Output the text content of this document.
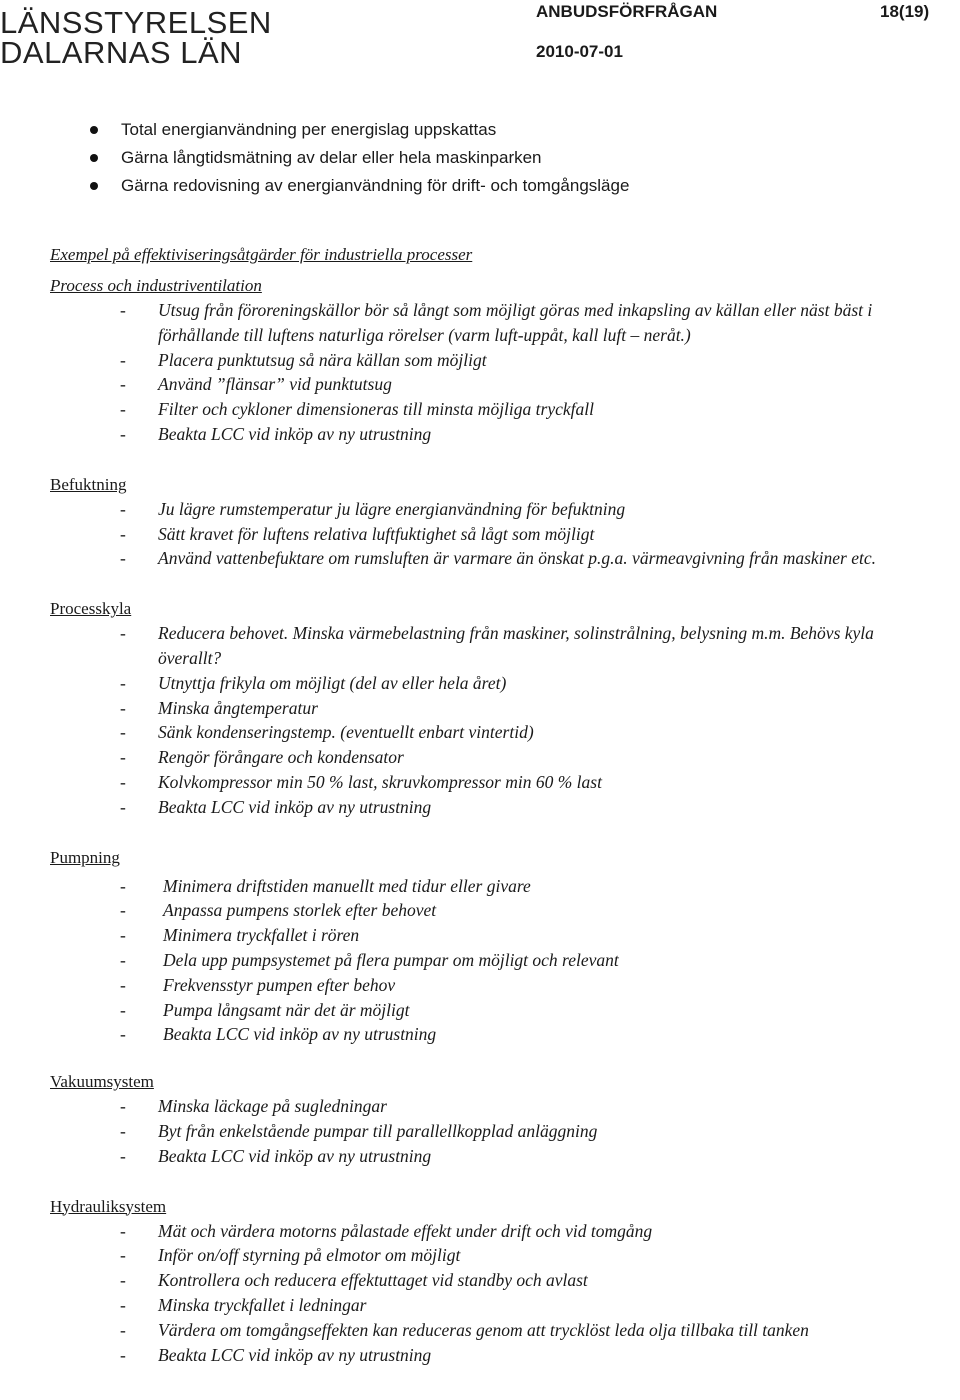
LÄNSSTYRELSEN
DALARNAS LÄN
ANBUDSFÖRFRÅGAN	18(19)
2010-07-01
Total energianvändning per energislag uppskattas
Gärna långtidsmätning av delar eller hela maskinparken
Gärna redovisning av energianvändning för drift- och tomgångsläge
Exempel på effektiviseringsåtgärder för industriella processer
Process och industriventilation
- Utsug från föroreningskällor bör så långt som möjligt göras med inkapsling av källan eller näst bäst i förhållande till luftens naturliga rörelser (varm luft-uppåt, kall luft – neråt.)
- Placera punktutsug så nära källan som möjligt
- Använd ”flänsar” vid punktutsug
- Filter och cykloner dimensioneras till minsta möjliga tryckfall
- Beakta LCC vid inköp av ny utrustning
Befuktning
- Ju lägre rumstemperatur ju lägre energianvändning för befuktning
- Sätt kravet för luftens relativa luftfuktighet så lågt som möjligt
- Använd vattenbefuktare om rumsluften är varmare än önskat p.g.a. värmeavgivning från maskiner etc.
Processkyla
- Reducera behovet. Minska värmebelastning från maskiner, solinstrålning, belysning m.m. Behövs kyla överallt?
- Utnyttja frikyla om möjligt (del av eller hela året)
- Minska ångtemperatur
- Sänk kondenseringstemp. (eventuellt enbart vintertid)
- Rengör förångare och kondensator
- Kolvkompressor min 50 % last, skruvkompressor min 60 % last
- Beakta LCC vid inköp av ny utrustning
Pumpning
- Minimera driftstiden manuellt med tidur eller givare
- Anpassa pumpens storlek efter behovet
- Minimera tryckfallet i rören
- Dela upp pumpsystemet på flera pumpar om möjligt och relevant
- Frekvensstyr pumpen efter behov
- Pumpa långsamt när det är möjligt
- Beakta LCC vid inköp av ny utrustning
Vakuumsystem
- Minska läckage på sugledningar
- Byt från enkelstående pumpar till parallellkopplad anläggning
- Beakta LCC vid inköp av ny utrustning
Hydrauliksystem
- Mät och värdera motorns pålastade effekt under drift och vid tomgång
- Inför on/off styrning på elmotor om möjligt
- Kontrollera och reducera effektuttaget vid standby och avlast
- Minska tryckfallet i ledningar
- Värdera om tomgångseffekten kan reduceras genom att trycklöst leda olja tillbaka till tanken
- Beakta LCC vid inköp av ny utrustning
